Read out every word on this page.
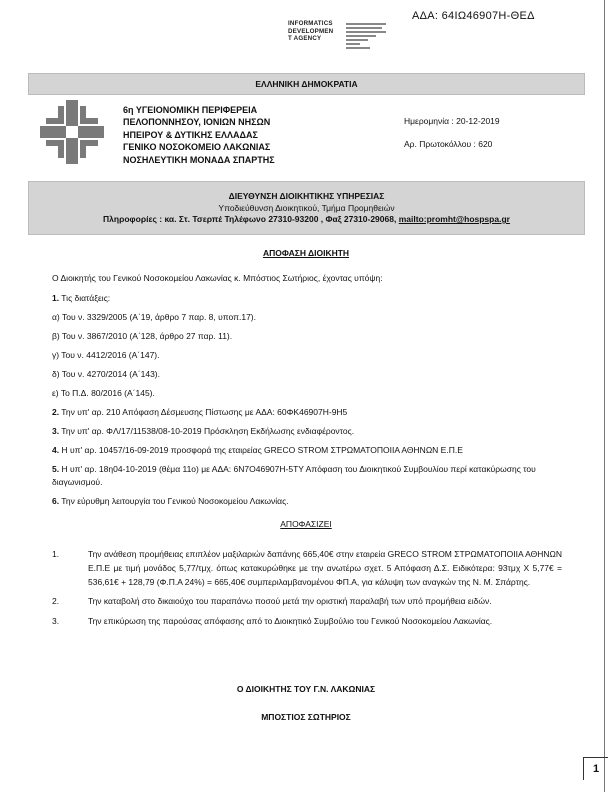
ΑΔΑ: 64ΙΩ46907Η-ΘΕΔ
INFORMATICS
DEVELOPMEN
T AGENCY
ΕΛΛΗΝΙΚΗ ΔΗΜΟΚΡΑΤΙΑ
6η ΥΓΕΙΟΝΟΜΙΚΗ ΠΕΡΙΦΕΡΕΙΑ
ΠΕΛΟΠΟΝΝΗΣΟΥ, ΙΟΝΙΩΝ ΝΗΣΩΝ
ΗΠΕΙΡΟΥ & ΔΥΤΙΚΗΣ ΕΛΛΑΔΑΣ
ΓΕΝΙΚΟ ΝΟΣΟΚΟΜΕΙΟ ΛΑΚΩΝΙΑΣ
ΝΟΣΗΛΕΥΤΙΚΗ ΜΟΝΑΔΑ ΣΠΑΡΤΗΣ
Ημερομηνία : 20-12-2019
Αρ. Πρωτοκόλλου : 620
ΔΙΕΥΘΥΝΣΗ ΔΙΟΙΚΗΤΙΚΗΣ ΥΠΗΡΕΣΙΑΣ
Υποδιεύθυνση Διοικητικού, Τμήμα Προμηθειών
Πληροφορίες : κα. Στ. Τσερπέ Τηλέφωνο 27310-93200 , Φαξ 27310-29068, mailto:promht@hospspa.gr
ΑΠΟΦΑΣΗ ΔΙΟΙΚΗΤΗ
Ο Διοικητής του Γενικού Νοσοκομείου Λακωνίας κ. Μπόστιος Σωτήριος, έχοντας υπόψη:
1. Τις διατάξεις:
α) Του ν. 3329/2005 (Α΄19, άρθρο 7 παρ. 8, υποπ.17).
β) Του ν. 3867/2010 (Α΄128, άρθρο 27 παρ. 11).
γ) Του ν. 4412/2016 (Α΄147).
δ) Του ν. 4270/2014 (Α΄143).
ε) Το Π.Δ. 80/2016 (Α΄145).
2. Την υπ' αρ. 210 Απόφαση Δέσμευσης Πίστωσης με ΑΔΑ: 60ΦΚ46907Η-9Η5
3. Την υπ' αρ. ΦΛ/17/11538/08-10-2019 Πρόσκληση Εκδήλωσης ενδιαφέροντος.
4. Η υπ' αρ. 10457/16-09-2019 προσφορά της εταιρείας GRECO STROM ΣΤΡΩΜΑΤΟΠΟΙΙΑ ΑΘΗΝΩΝ Ε.Π.Ε
5. Η υπ' αρ. 18η04-10-2019 (θέμα 11ο) με ΑΔΑ: 6Ν7Ο46907Η-5ΤΥ Απόφαση του Διοικητικού Συμβουλίου περί κατακύρωσης του διαγωνισμού.
6. Την εύρυθμη λειτουργία του Γενικού Νοσοκομείου Λακωνίας.
ΑΠΟΦΑΣΙΖΕΙ
1.	Την ανάθεση προμήθειας επιπλέον μαξιλαριών δαπάνης 665,40€ στην εταιρεία GRECO STROM ΣΤΡΩΜΑΤΟΠΟΙΙΑ ΑΘΗΝΩΝ Ε.Π.Ε με τιμή μονάδος 5,77/τμχ. όπως κατακυρώθηκε με την ανωτέρω σχετ. 5 Απόφαση Δ.Σ. Ειδικότερα: 93τμχ Χ 5,77€ = 536,61€ + 128,79 (Φ.Π.Α 24%) = 665,40€ συμπεριλαμβανομένου ΦΠ.Α, για κάλυψη των αναγκών της Ν. Μ. Σπάρτης.
2.	Την καταβολή στο δικαιούχο του παραπάνω ποσού μετά την οριστική παραλαβή των υπό προμήθεια ειδών.
3.	Την επικύρωση της παρούσας απόφασης από το Διοικητικό Συμβούλιο του Γενικού Νοσοκομείου Λακωνίας.
Ο ΔΙΟΙΚΗΤΗΣ ΤΟΥ Γ.Ν. ΛΑΚΩΝΙΑΣ
ΜΠΟΣΤΙΟΣ ΣΩΤΗΡΙΟΣ
1
